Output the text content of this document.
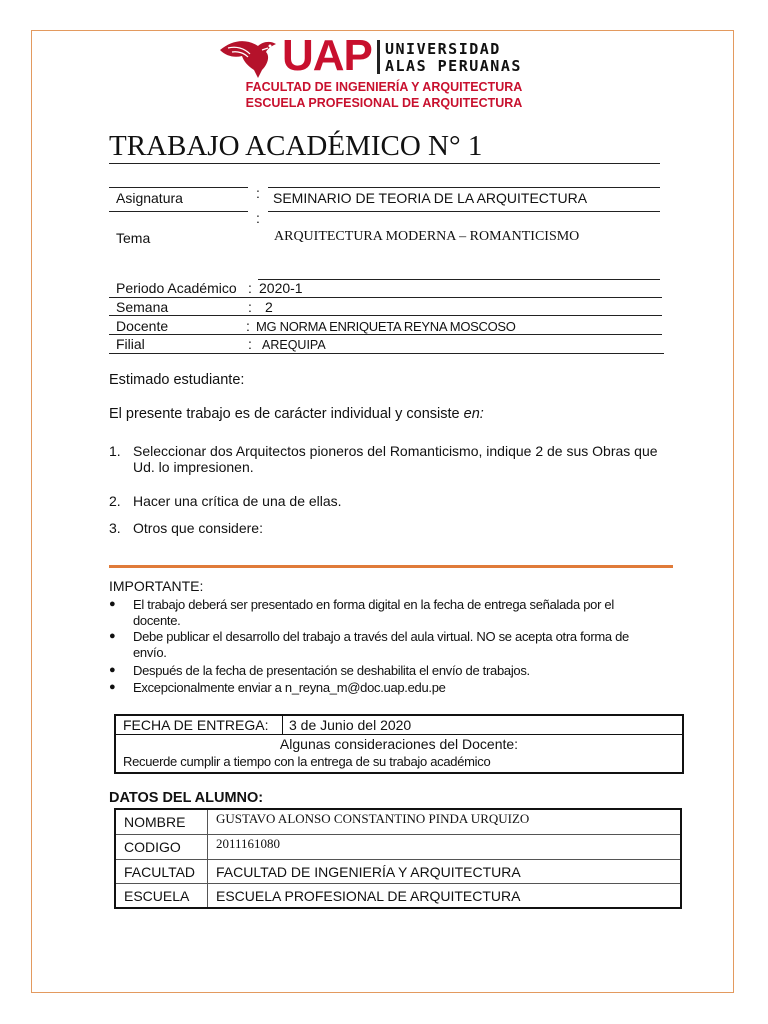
UAP UNIVERSIDAD
ALAS PERUANAS
FACULTAD DE INGENIERÍA Y ARQUITECTURA
ESCUELA PROFESIONAL DE ARQUITECTURA
TRABAJO ACADÉMICO N° 1
Asignatura	: SEMINARIO DE TEORIA DE LA ARQUITECTURA
:
Tema	ARQUITECTURA MODERNA – ROMANTICISMO
Periodo Académico : 2020-1
Semana	: 2
Docente	: MG NORMA ENRIQUETA REYNA MOSCOSO
Filial	: AREQUIPA
Estimado estudiante:
El presente trabajo es de carácter individual y consiste en:
1. Seleccionar dos Arquitectos pioneros del Romanticismo, indique 2 de sus Obras que
Ud. lo impresionen.
2. Hacer una crítica de una de ellas.
3. Otros que considere:
IMPORTANTE:
● El trabajo deberá ser presentado en forma digital en la fecha de entrega señalada por el
docente.
● Debe publicar el desarrollo del trabajo a través del aula virtual. NO se acepta otra forma de
envío.
● Después de la fecha de presentación se deshabilita el envío de trabajos.
● Excepcionalmente enviar a n_reyna_m@doc.uap.edu.pe
FECHA DE ENTREGA: 3 de Junio del 2020
Algunas consideraciones del Docente:
Recuerde cumplir a tiempo con la entrega de su trabajo académico
DATOS DEL ALUMNO:
NOMBRE	GUSTAVO ALONSO CONSTANTINO PINDA URQUIZO
CODIGO	2011161080
FACULTAD	FACULTAD DE INGENIERÍA Y ARQUITECTURA
ESCUELA	ESCUELA PROFESIONAL DE ARQUITECTURA
